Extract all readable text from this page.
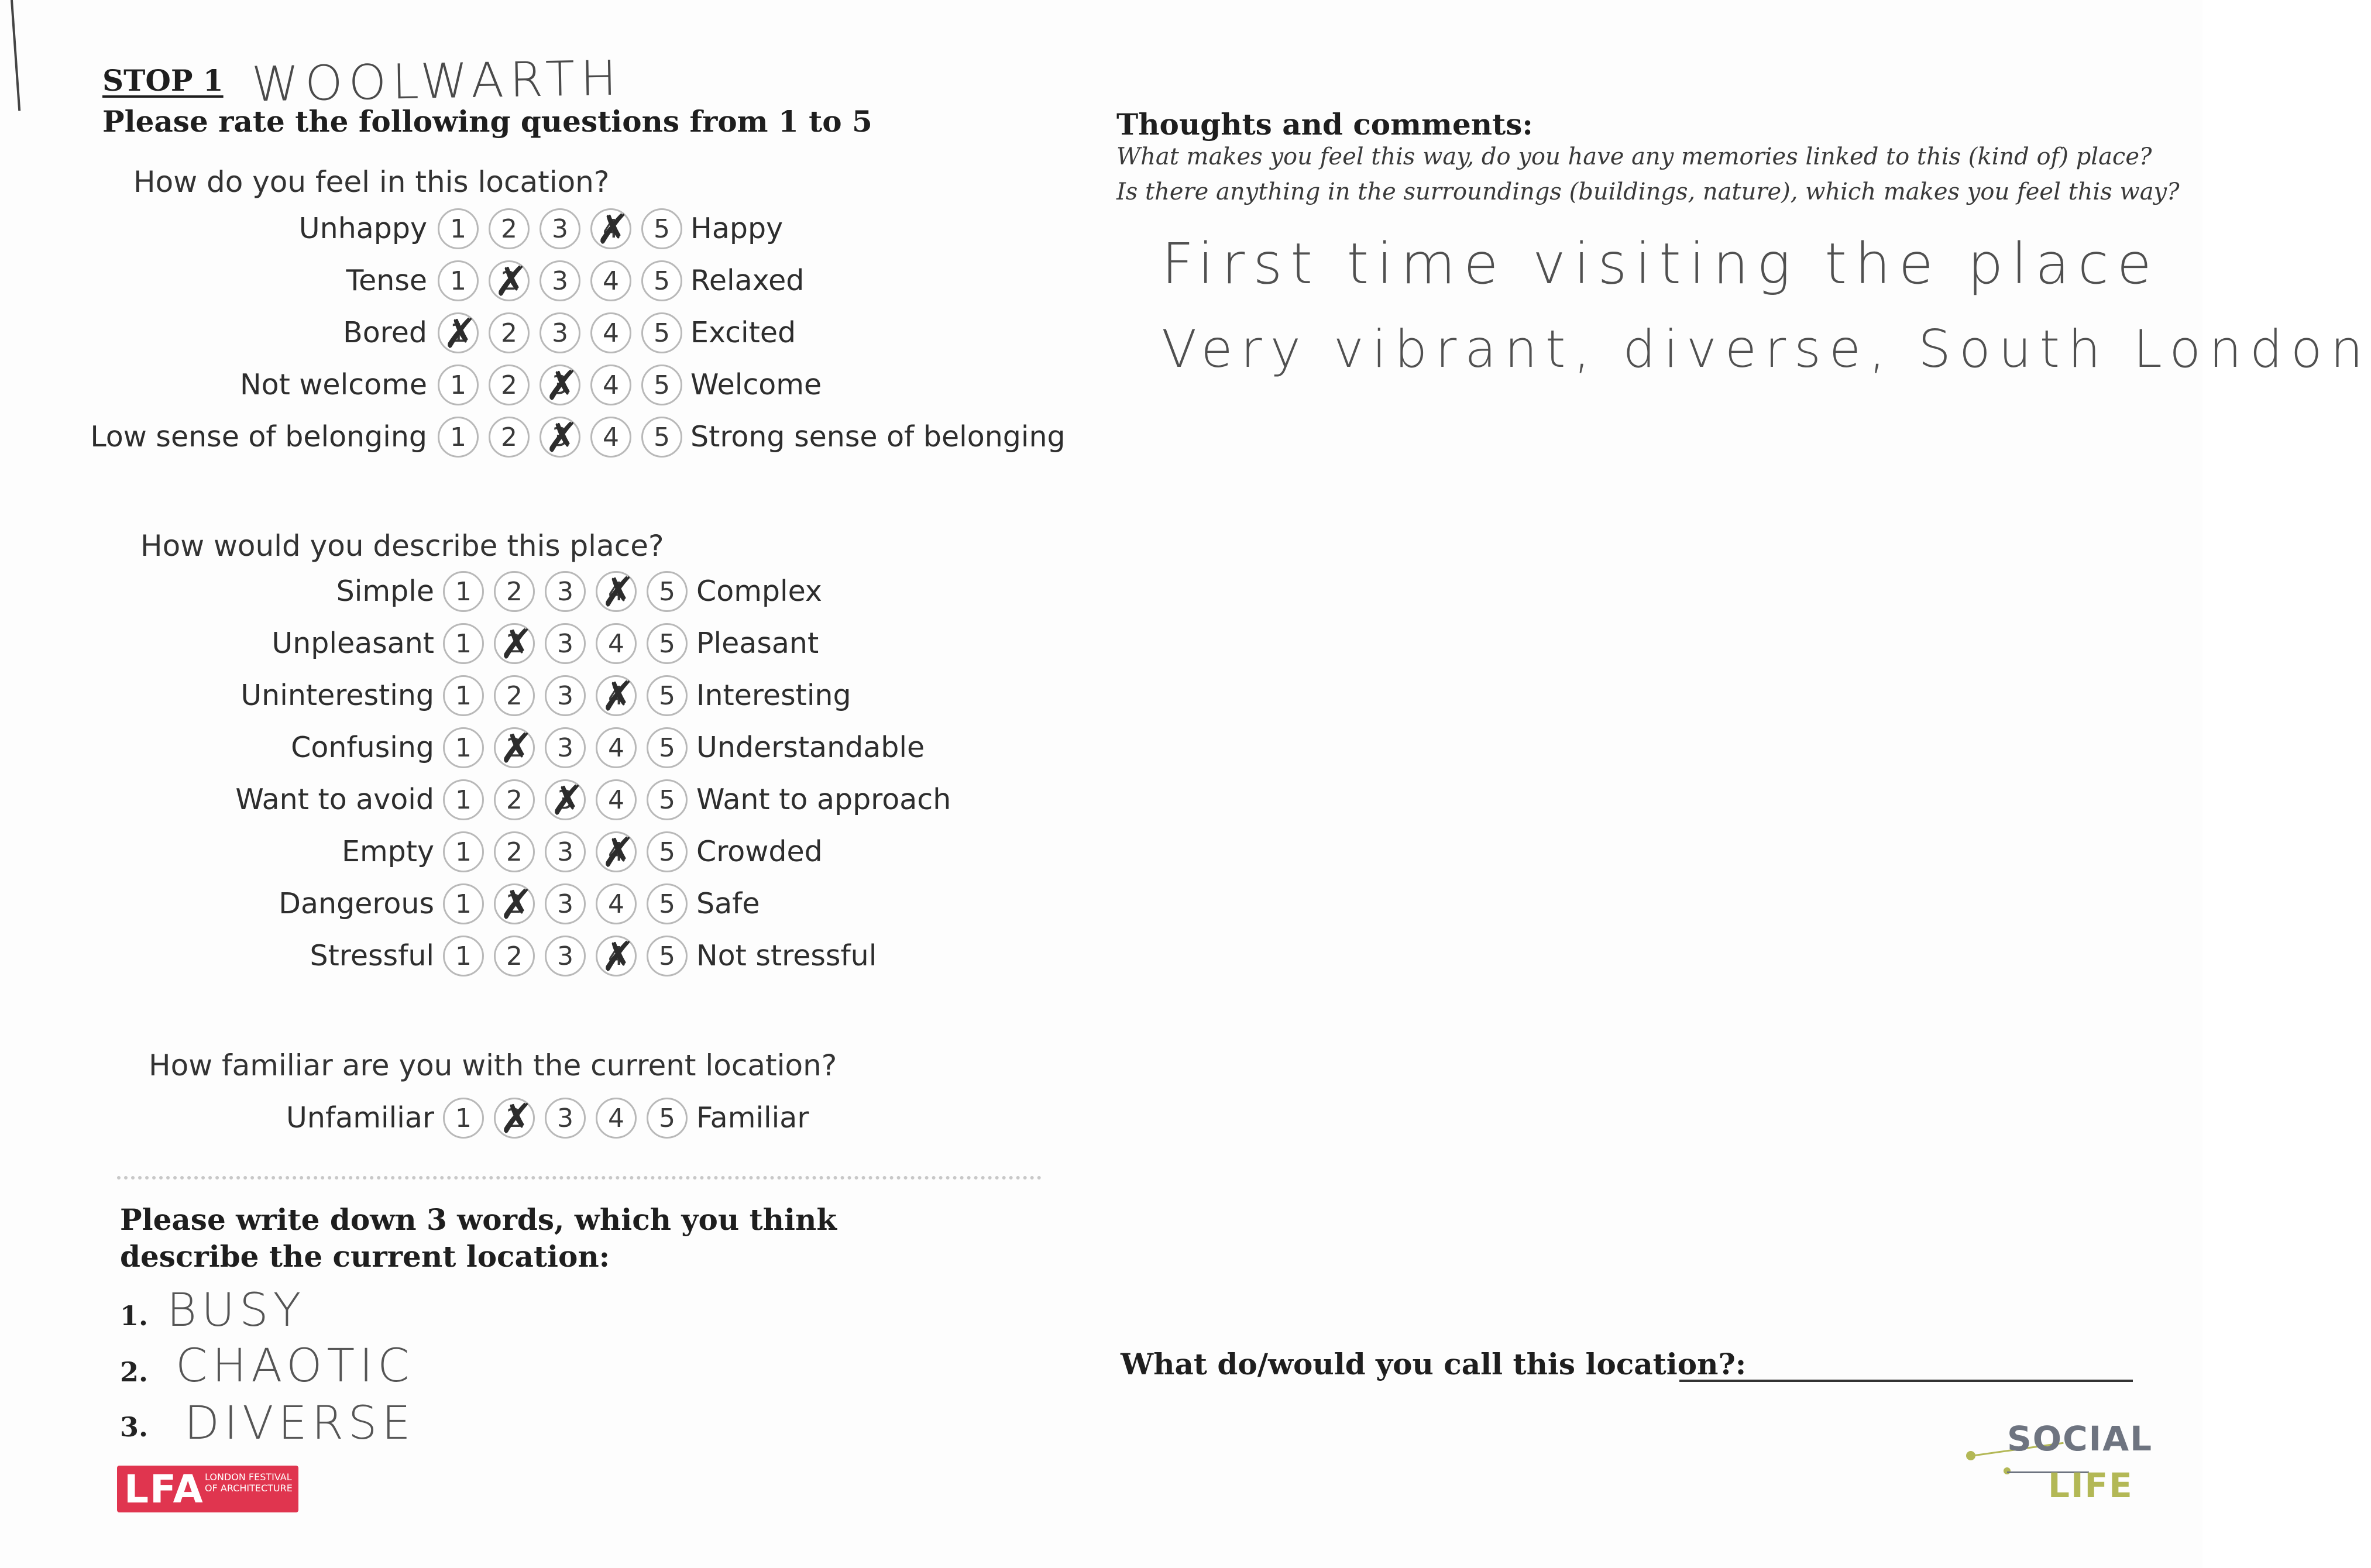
STOP 1 WOOLWARTH
Please rate the following questions from 1 to 5
How do you feel in this location?
Unhappy 1	2	3	4 ✗	5 Happy
Tense 1	2 ✗	3	4	5 Relaxed
Bored 1 ✗	2	3	4	5 Excited
Not welcome 1	2	3 ✗	4	5 Welcome
Low sense of belonging 1	2	3 ✗	4	5 Strong sense of belonging
How would you describe this place?
Simple 1	2	3	4 ✗	5 Complex
Unpleasant 1	2 ✗	3	4	5 Pleasant
Uninteresting 1	2	3	4 ✗	5 Interesting
Confusing 1	2 ✗	3	4	5 Understandable
Want to avoid 1	2	3 ✗	4	5 Want to approach
Empty 1	2	3	4 ✗	5 Crowded
Dangerous 1	2 ✗	3	4	5 Safe
Stressful 1	2	3	4 ✗	5 Not stressful
How familiar are you with the current location?
Unfamiliar 1	2 ✗	3	4	5 Familiar
Please write down 3 words, which you think
describe the current location:
1. BUSY
2. CHAOTIC
3. DIVERSE
Thoughts and comments:
What makes you feel this way, do you have any memories linked to this (kind of) place?
Is there anything in the surroundings (buildings, nature), which makes you feel this way?
First time visiting the place
Very vibrant, diverse, South London
What do/would you call this location?:
LFA LONDON FESTIVAL OF ARCHITECTURE
SOCIAL
LIFE
